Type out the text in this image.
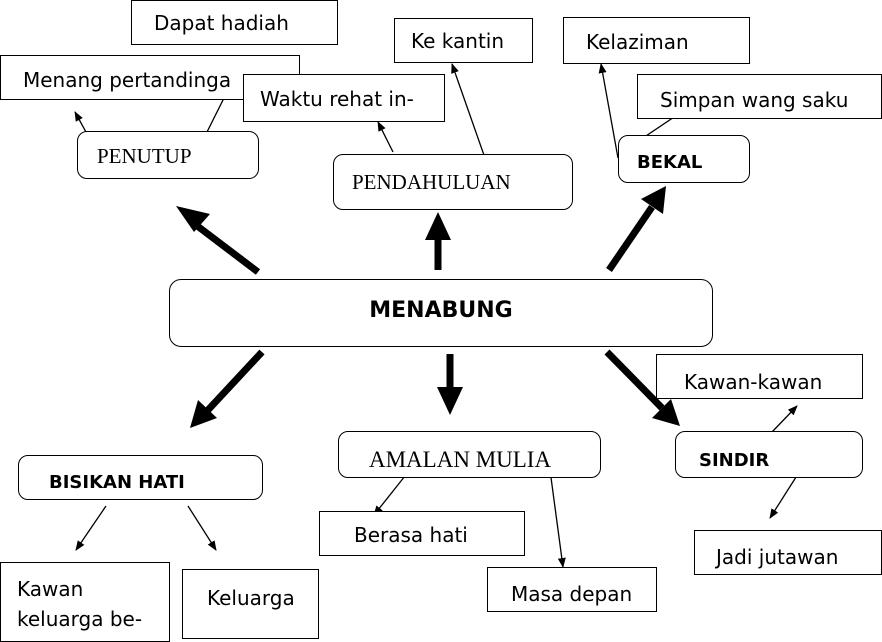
Dapat hadiah
Menang pertandinga
PENUTUP
Ke kantin
Waktu rehat in-
PENDAHULUAN
Kelaziman
Simpan wang saku
BEKAL
MENABUNG
BISIKAN HATI
Kawan
keluarga be-
Keluarga
AMALAN MULIA
Berasa hati
Masa depan
Kawan-kawan
SINDIR
Jadi jutawan
